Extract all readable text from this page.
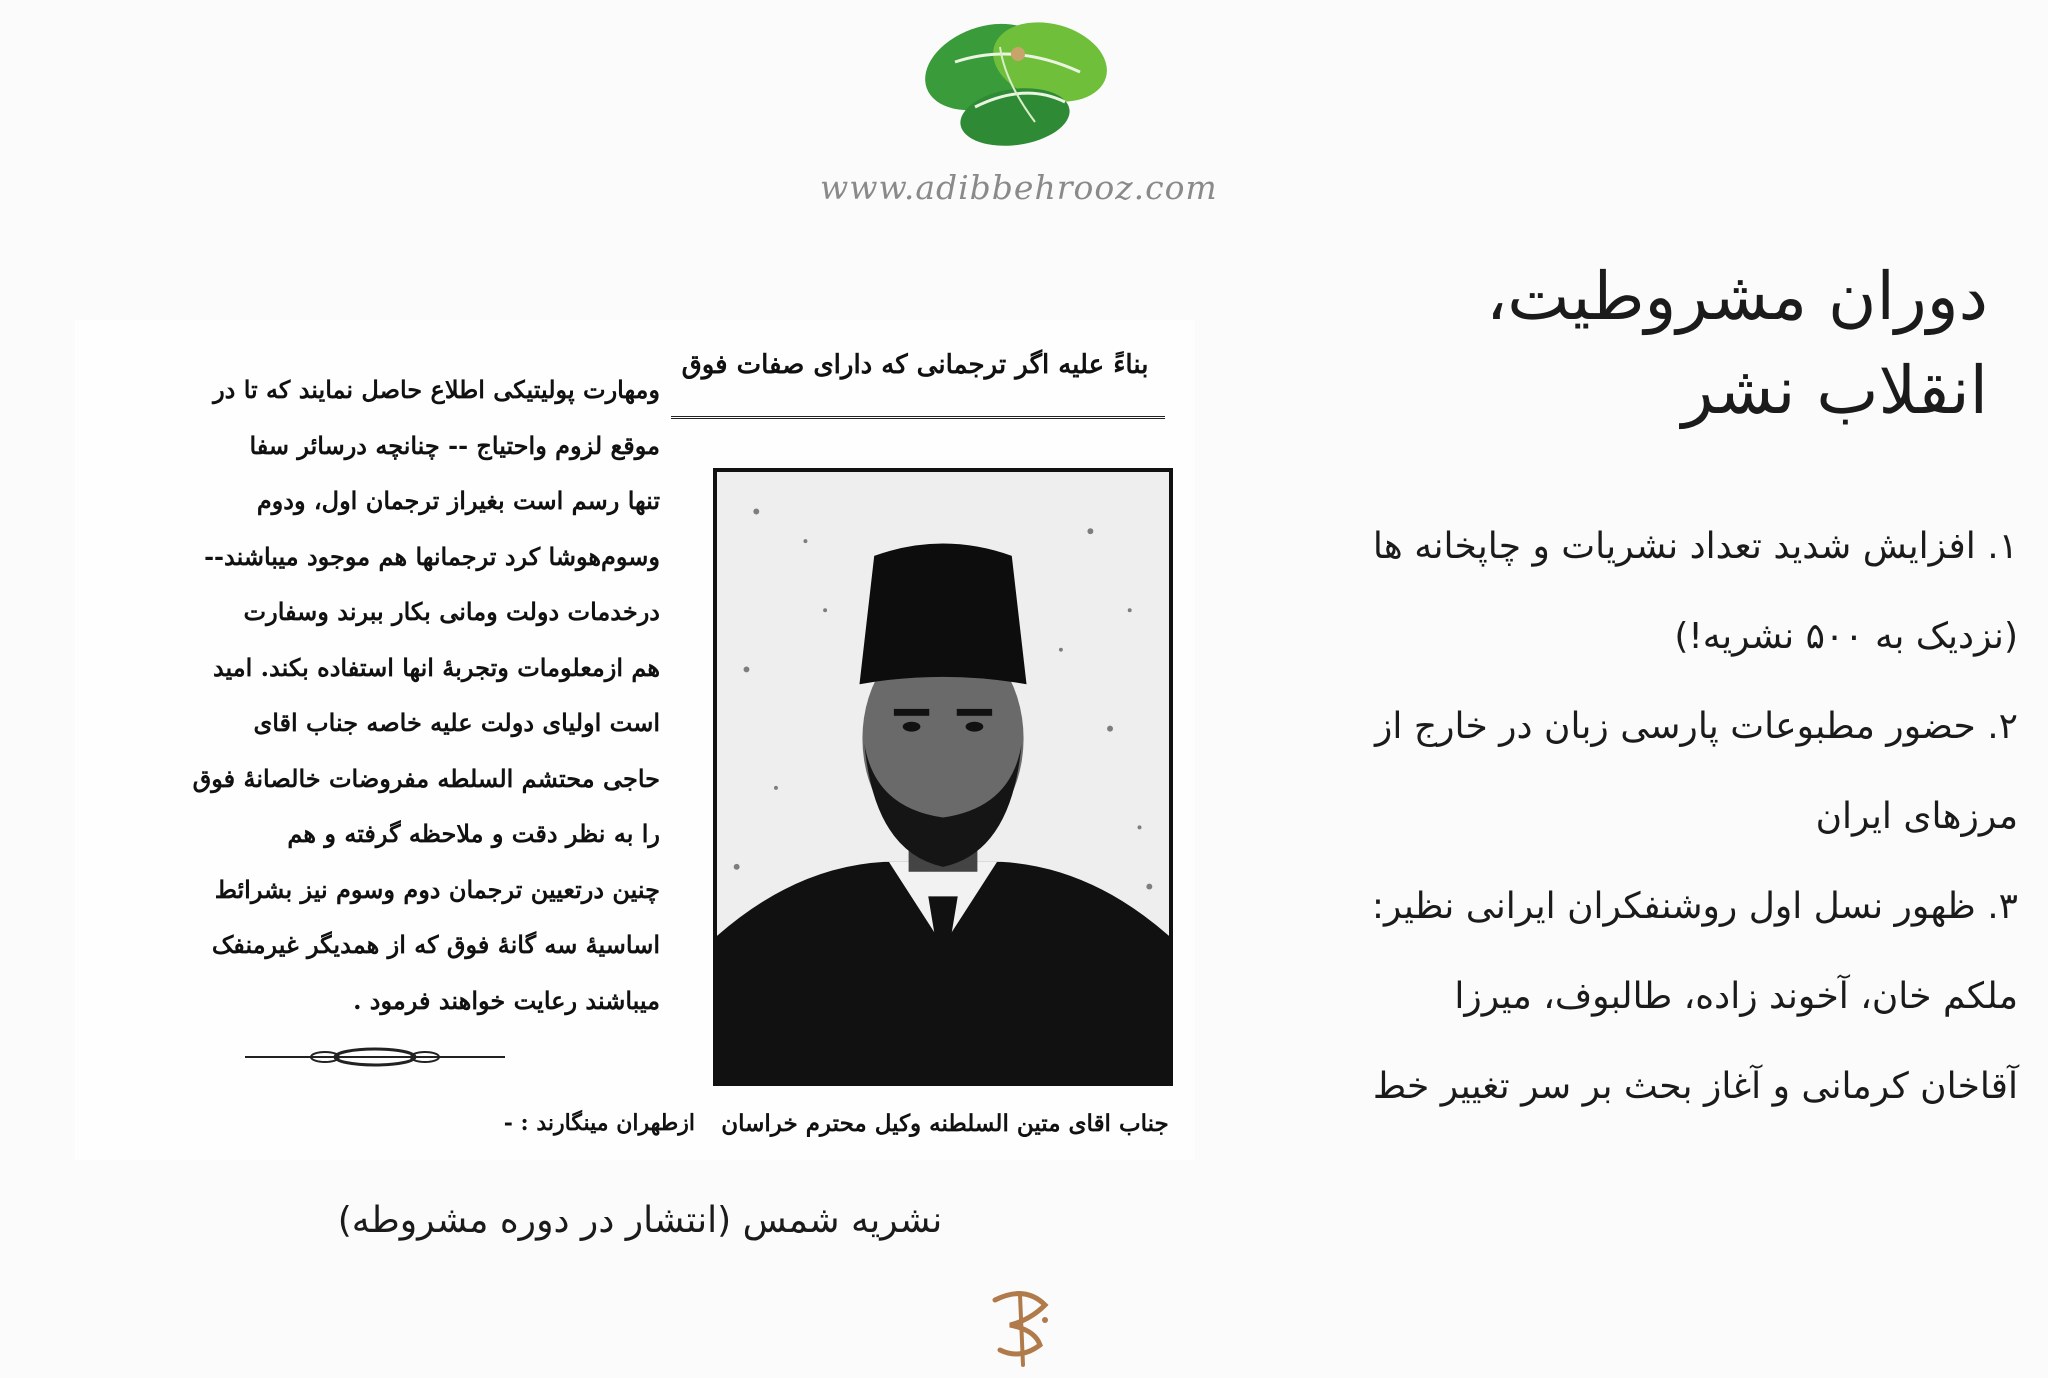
www.adibbehrooz.com
دوران مشروطیت،
انقلاب نشر
۱. افزایش شدید تعداد نشریات و چاپخانه ها
(نزدیک به ۵۰۰ نشریه!)
۲. حضور مطبوعات پارسی زبان در خارج از
مرزهای ایران
۳. ظهور نسل اول روشنفکران ایرانی نظیر:
ملکم خان، آخوند زاده، طالبوف، میرزا
آقاخان کرمانی و آغاز بحث بر سر تغییر خط
بناءً علیه اگر ترجمانی که دارای صفات فوق
ومهارت پولیتیکی اطلاع حاصل نمایند که تا در
موقع لزوم واحتیاج -- چنانچه درسائر سفا
تنها رسم است بغیراز ترجمان اول، ودوم
وسوم‌هوشا کرد ترجمانها هم موجود میباشند--
درخدمات دولت ومانی بکار ببرند وسفارت
هم ازمعلومات وتجربهٔ انها استفاده بکند. امید
است اولیای دولت علیه خاصه جناب اقای
حاجی محتشم السلطه مفروضات خالصانهٔ فوق
را به نظر دقت و ملاحظه گرفته و هم
چنین درتعیین ترجمان دوم وسوم نیز بشرائط
اساسیهٔ سه گانهٔ فوق که از همدیگر غیرمنفک
میباشند رعایت خواهند فرمود .
ازطهران مینگارند : -	جناب اقای متین السلطنه وکیل محترم خراسان
نشریه شمس (انتشار در دوره مشروطه)
